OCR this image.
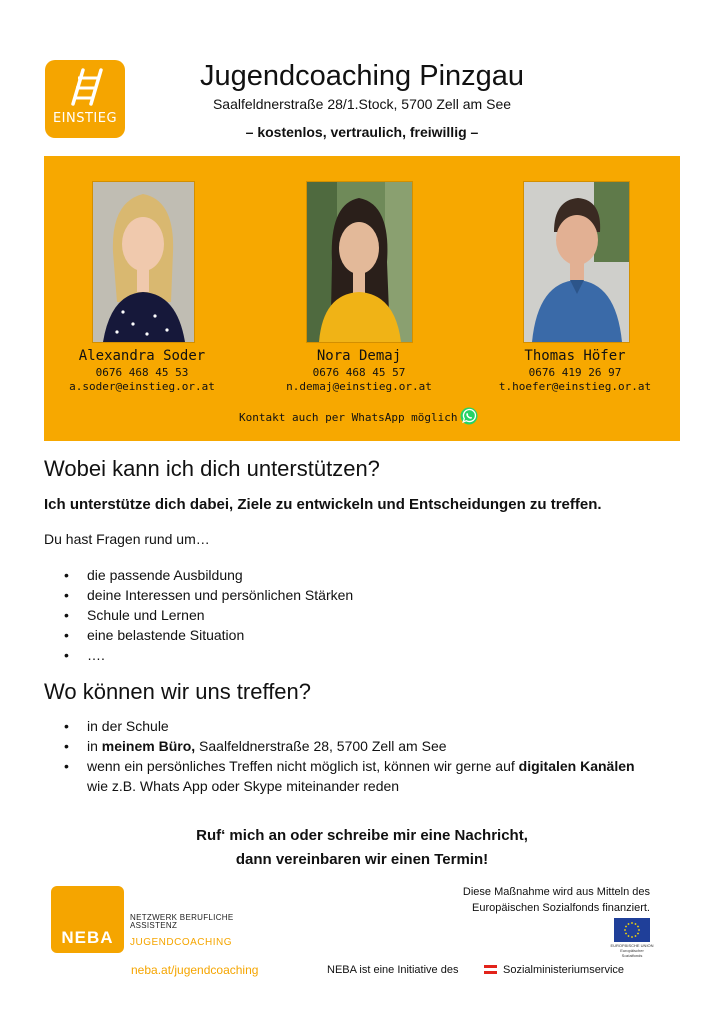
EINSTIEG
Jugendcoaching Pinzgau
Saalfeldnerstraße 28/1.Stock, 5700 Zell am See
– kostenlos, vertraulich, freiwillig –
Alexandra Soder
0676 468 45 53
a.soder@einstieg.or.at
Nora Demaj
0676 468 45 57
n.demaj@einstieg.or.at
Thomas Höfer
0676 419 26 97
t.hoefer@einstieg.or.at
Kontakt auch per WhatsApp möglich
Wobei kann ich dich unterstützen?
Ich unterstütze dich dabei, Ziele zu entwickeln und Entscheidungen zu treffen.
Du hast Fragen rund um…
• die passende Ausbildung
• deine Interessen und persönlichen Stärken
• Schule und Lernen
• eine belastende Situation
• ….
Wo können wir uns treffen?
• in der Schule
• in meinem Büro, Saalfeldnerstraße 28, 5700 Zell am See
• wenn ein persönliches Treffen nicht möglich ist, können wir gerne auf digitalen Kanälen
wie z.B. Whats App oder Skype miteinander reden
Ruf‘ mich an oder schreibe mir eine Nachricht,
dann vereinbaren wir einen Termin!
NEBA
NETZWERK BERUFLICHE
ASSISTENZ
JUGENDCOACHING
neba.at/jugendcoaching
Diese Maßnahme wird aus Mitteln des
Europäischen Sozialfonds finanziert.
EUROPÄISCHE UNION Europäischer Sozialfonds
NEBA ist eine Initiative des	Sozialministeriumservice
